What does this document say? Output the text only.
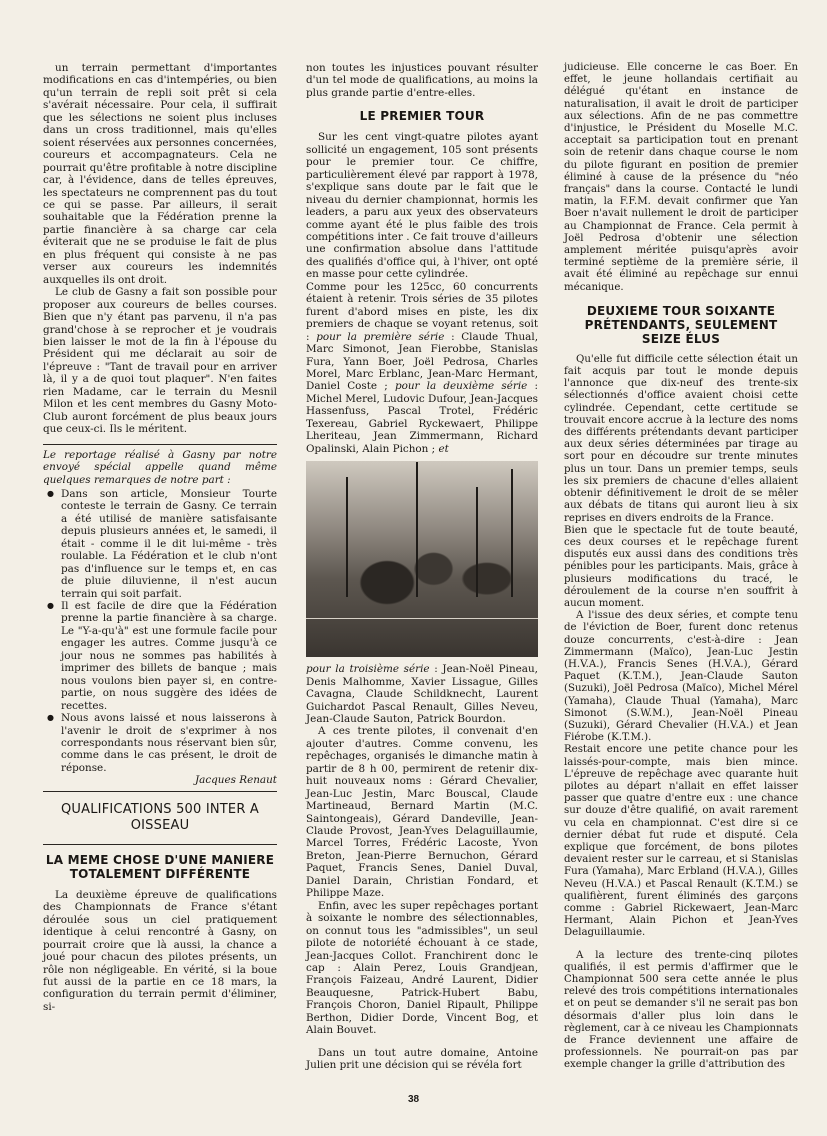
un terrain permettant d'importantes modifications en cas d'intempéries, ou bien qu'un terrain de repli soit prêt si cela s'avérait nécessaire. Pour cela, il suffirait que les sélections ne soient plus incluses dans un cross traditionnel, mais qu'elles soient réservées aux personnes concernées, coureurs et accompagnateurs. Cela ne pourrait qu'être profitable à notre discipline car, à l'évidence, dans de telles épreuves, les spectateurs ne comprennent pas du tout ce qui se passe. Par ailleurs, il serait souhaitable que la Fédération prenne la partie financière à sa charge car cela éviterait que ne se produise le fait de plus en plus fréquent qui consiste à ne pas verser aux coureurs les indemnités auxquelles ils ont droit.

Le club de Gasny a fait son possible pour proposer aux coureurs de belles courses. Bien que n'y étant pas parvenu, il n'a pas grand'chose à se reprocher et je voudrais bien laisser le mot de la fin à l'épouse du Président qui me déclarait au soir de l'épreuve : "Tant de travail pour en arriver là, il y a de quoi tout plaquer". N'en faites rien Madame, car le terrain du Mesnil Milon et les cent membres du Gasny Moto-Club auront forcément de plus beaux jours que ceux-ci. Ils le méritent.

Le reportage réalisé à Gasny par notre envoyé spécial appelle quand même quelques remarques de notre part :

● Dans son article, Monsieur Tourte conteste le terrain de Gasny. Ce terrain a été utilisé de manière satisfaisante depuis plusieurs années et, le samedi, il était - comme il le dit lui-même - très roulable. La Fédération et le club n'ont pas d'influence sur le temps et, en cas de pluie diluvienne, il n'est aucun terrain qui soit parfait.
● Il est facile de dire que la Fédération prenne la partie financière à sa charge. Le "Y-a-qu'à" est une formule facile pour engager les autres. Comme jusqu'à ce jour nous ne sommes pas habilités à imprimer des billets de banque ; mais nous voulons bien payer si, en contre-partie, on nous suggère des idées de recettes.
● Nous avons laissé et nous laisserons à l'avenir le droit de s'exprimer à nos correspondants nous réservant bien sûr, comme dans le cas présent, le droit de réponse.

Jacques Renaut

QUALIFICATIONS 500 INTER A OISSEAU
LA MEME CHOSE D'UNE MANIERE TOTALEMENT DIFFÉRENTE

La deuxième épreuve de qualifications des Championnats de France s'étant déroulée sous un ciel pratiquement identique à celui rencontré à Gasny, on pourrait croire que là aussi, la chance a joué pour chacun des pilotes présents, un rôle non négligeable. En vérité, si la boue fut aussi de la partie en ce 18 mars, la configuration du terrain permit d'éliminer, si-

non toutes les injustices pouvant résulter d'un tel mode de qualifications, au moins la plus grande partie d'entre-elles.

LE PREMIER TOUR

Sur les cent vingt-quatre pilotes ayant sollicité un engagement, 105 sont présents pour le premier tour. Ce chiffre, particulièrement élevé par rapport à 1978, s'explique sans doute par le fait que le niveau du dernier championnat, hormis les leaders, a paru aux yeux des observateurs comme ayant été le plus faible des trois compétitions inter . Ce fait trouve d'ailleurs une confirmation absolue dans l'attitude des qualifiés d'office qui, à l'hiver, ont opté en masse pour cette cylindrée.

Comme pour les 125cc, 60 concurrents étaient à retenir. Trois séries de 35 pilotes furent d'abord mises en piste, les dix premiers de chaque se voyant retenus, soit : pour la première série : Claude Thual, Marc Simonot, Jean Fierobbe, Stanislas Fura, Yann Boer, Joël Pedrosa, Charles Morel, Marc Erblanc, Jean-Marc Hermant, Daniel Coste ; pour la deuxième série : Michel Merel, Ludovic Dufour, Jean-Jacques Hassenfuss, Pascal Trotel, Frédéric Texereau, Gabriel Ryckewaert, Philippe Lheriteau, Jean Zimmermann, Richard Opalinski, Alain Pichon ; et

pour la troisième série : Jean-Noël Pineau, Denis Malhomme, Xavier Lissague, Gilles Cavagna, Claude Schildknecht, Laurent Guichardot Pascal Renault, Gilles Neveu, Jean-Claude Sauton, Patrick Bourdon.

A ces trente pilotes, il convenait d'en ajouter d'autres. Comme convenu, les repêchages, organisés le dimanche matin à partir de 8 h 00, permirent de retenir dix-huit nouveaux noms : Gérard Chevalier, Jean-Luc Jestin, Marc Bouscal, Claude Martineaud, Bernard Martin (M.C. Saintongeais), Gérard Dandeville, Jean-Claude Provost, Jean-Yves Delaguillaumie, Marcel Torres, Frédéric Lacoste, Yvon Breton, Jean-Pierre Bernuchon, Gérard Paquet, Francis Senes, Daniel Duval, Daniel Darain, Christian Fondard, et Philippe Maze.

Enfin, avec les super repêchages portant à soixante le nombre des sélectionnables, on connut tous les "admissibles", un seul pilote de notoriété échouant à ce stade, Jean-Jacques Collot. Franchirent donc le cap : Alain Perez, Louis Grandjean, François Faizeau, André Laurent, Didier Beauquesne, Patrick-Hubert Babu, François Choron, Daniel Ripault, Philippe Berthon, Didier Dorde, Vincent Bog, et Alain Bouvet.

Dans un tout autre domaine, Antoine Julien prit une décision qui se révéla fort

judicieuse. Elle concerne le cas Boer. En effet, le jeune hollandais certifiait au délégué qu'étant en instance de naturalisation, il avait le droit de participer aux sélections. Afin de ne pas commettre d'injustice, le Président du Moselle M.C. acceptait sa participation tout en prenant soin de retenir dans chaque course le nom du pilote figurant en position de premier éliminé à cause de la présence du "néo français" dans la course. Contacté le lundi matin, la F.F.M. devait confirmer que Yan Boer n'avait nullement le droit de participer au Championnat de France. Cela permit à Joël Pedrosa d'obtenir une sélection amplement méritée puisqu'après avoir terminé septième de la première série, il avait été éliminé au repêchage sur ennui mécanique.

DEUXIEME TOUR SOIXANTE PRÉTENDANTS, SEULEMENT SEIZE ÉLUS

Qu'elle fut difficile cette sélection était un fait acquis par tout le monde depuis l'annonce que dix-neuf des trente-six sélectionnés d'office avaient choisi cette cylindrée. Cependant, cette certitude se trouvait encore accrue à la lecture des noms des différents prétendants devant participer aux deux séries déterminées par tirage au sort pour en découdre sur trente minutes plus un tour. Dans un premier temps, seuls les six premiers de chacune d'elles allaient obtenir définitivement le droit de se mêler aux débats de titans qui auront lieu à six reprises en divers endroits de la France.

Bien que le spectacle fut de toute beauté, ces deux courses et le repêchage furent disputés eux aussi dans des conditions très pénibles pour les participants. Mais, grâce à plusieurs modifications du tracé, le déroulement de la course n'en souffrit à aucun moment.

A l'issue des deux séries, et compte tenu de l'éviction de Boer, furent donc retenus douze concurrents, c'est-à-dire : Jean Zimmermann (Maïco), Jean-Luc Jestin (H.V.A.), Francis Senes (H.V.A.), Gérard Paquet (K.T.M.), Jean-Claude Sauton (Suzuki), Joël Pedrosa (Maïco), Michel Mérel (Yamaha), Claude Thual (Yamaha), Marc Simonot (S.W.M.), Jean-Noël Pineau (Suzuki), Gérard Chevalier (H.V.A.) et Jean Fiérobe (K.T.M.).

Restait encore une petite chance pour les laissés-pour-compte, mais bien mince. L'épreuve de repêchage avec quarante huit pilotes au départ n'allait en effet laisser passer que quatre d'entre eux : une chance sur douze d'être qualifié, on avait rarement vu cela en championnat. C'est dire si ce dernier débat fut rude et disputé. Cela explique que forcément, de bons pilotes devaient rester sur le carreau, et si Stanislas Fura (Yamaha), Marc Erbland (H.V.A.), Gilles Neveu (H.V.A.) et Pascal Renault (K.T.M.) se qualifièrent, furent éliminés des garçons comme : Gabriel Rickewaert, Jean-Marc Hermant, Alain Pichon et Jean-Yves Delaguillaumie.

A la lecture des trente-cinq pilotes qualifiés, il est permis d'affirmer que le Championnat 500 sera cette année le plus relevé des trois compétitions internationales et on peut se demander s'il ne serait pas bon désormais d'aller plus loin dans le règlement, car à ce niveau les Championnats de France deviennent une affaire de professionnels. Ne pourrait-on pas par exemple changer la grille d'attribution des

38
